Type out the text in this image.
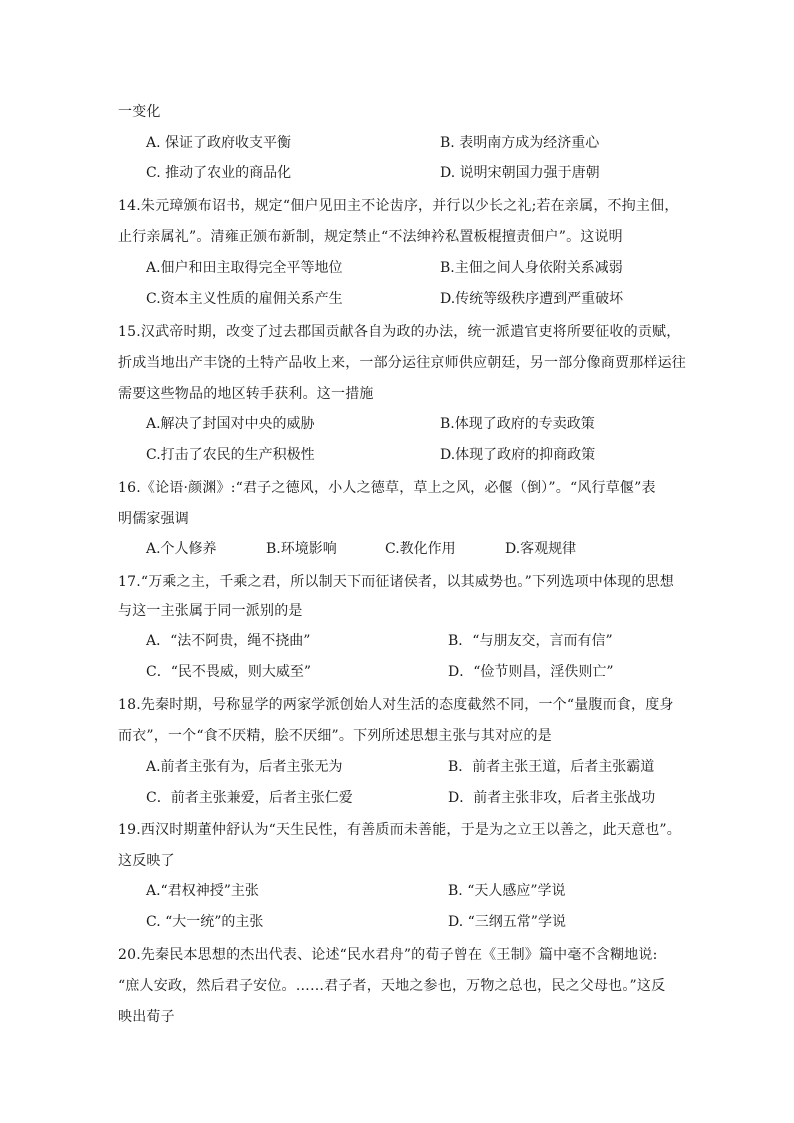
一变化
A. 保证了政府收支平衡	B. 表明南方成为经济重心
C. 推动了农业的商品化	D. 说明宋朝国力强于唐朝
14.朱元璋颁布诏书，规定“佃户见田主不论齿序，并行以少长之礼;若在亲属，不拘主佃，
止行亲属礼”。清雍正颁布新制，规定禁止“不法绅衿私置板棍擅责佃户”。这说明
A.佃户和田主取得完全平等地位	B.主佃之间人身依附关系减弱
C.资本主义性质的雇佣关系产生	D.传统等级秩序遭到严重破坏
15.汉武帝时期，改变了过去郡国贡献各自为政的办法，统一派遣官吏将所要征收的贡赋，
折成当地出产丰饶的土特产品收上来，一部分运往京师供应朝廷，另一部分像商贾那样运往
需要这些物品的地区转手获利。这一措施
A.解决了封国对中央的威胁	B.体现了政府的专卖政策
C.打击了农民的生产积极性	D.体现了政府的抑商政策
16.《论语·颜渊》:“君子之德风，小人之德草，草上之风，必偃（倒）”。“风行草偃”表
明儒家强调
A.个人修养	B.环境影响	C.教化作用	D.客观规律
17.“万乘之主，千乘之君，所以制天下而征诸侯者，以其威势也。”下列选项中体现的思想
与这一主张属于同一派别的是
A．“法不阿贵，绳不挠曲”	B．“与朋友交，言而有信”
C．“民不畏威，则大威至”	D．“俭节则昌，淫佚则亡”
18.先秦时期，号称显学的两家学派创始人对生活的态度截然不同，一个“量腹而食，度身
而衣”，一个“食不厌精，脍不厌细”。下列所述思想主张与其对应的是
A.前者主张有为，后者主张无为	B．前者主张王道，后者主张霸道
C．前者主张兼爱，后者主张仁爱	D．前者主张非攻，后者主张战功
19.西汉时期董仲舒认为“天生民性，有善质而未善能，于是为之立王以善之，此天意也”。
这反映了
A.“君权神授”主张	B. “天人感应”学说
C. “大一统”的主张	D. “三纲五常”学说
20.先秦民本思想的杰出代表、论述“民水君舟”的荀子曾在《王制》篇中毫不含糊地说:
“庶人安政，然后君子安位。……君子者，天地之参也，万物之总也，民之父母也。”这反
映出荀子
